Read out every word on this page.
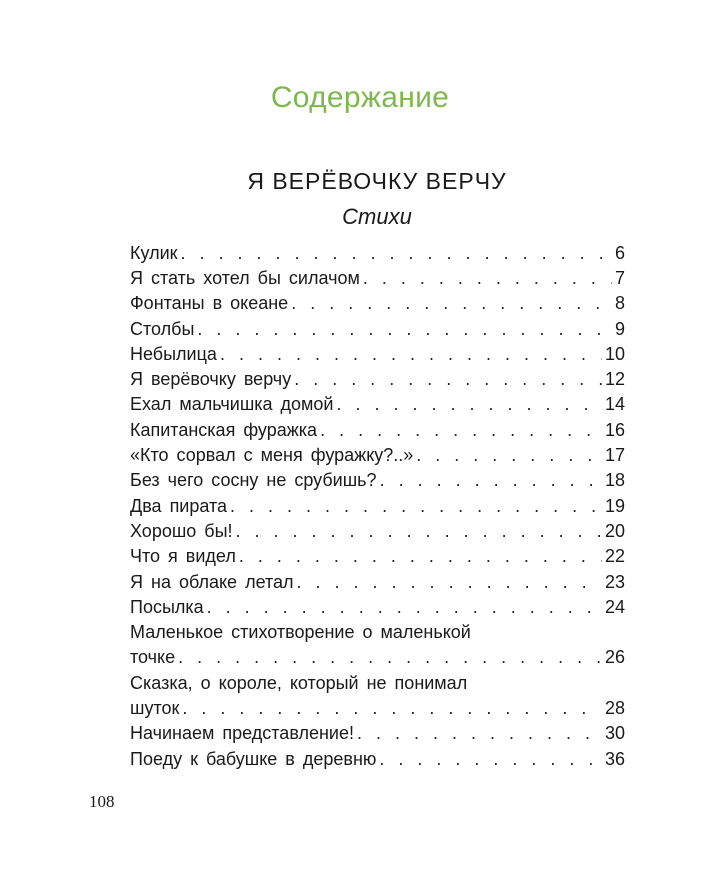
Содержание
Я ВЕРЁВОЧКУ ВЕРЧУ
Стихи
Кулик . . .	6
Я стать хотел бы силачом . . .	7
Фонтаны в океане . . .	8
Столбы . . .	9
Небылица . . .	10
Я верёвочку верчу . . .	12
Ехал мальчишка домой . . .	14
Капитанская фуражка . . .	16
«Кто сорвал с меня фуражку?..» . . .	17
Без чего сосну не срубишь? . . .	18
Два пирата . . .	19
Хорошо бы! . . .	20
Что я видел . . .	22
Я на облаке летал . . .	23
Посылка . . .	24
Маленькое стихотворение о маленькой
точке . . .	26
Сказка, о короле, который не понимал
шуток . . .	28
Начинаем представление! . . .	30
Поеду к бабушке в деревню . . .	36
108
